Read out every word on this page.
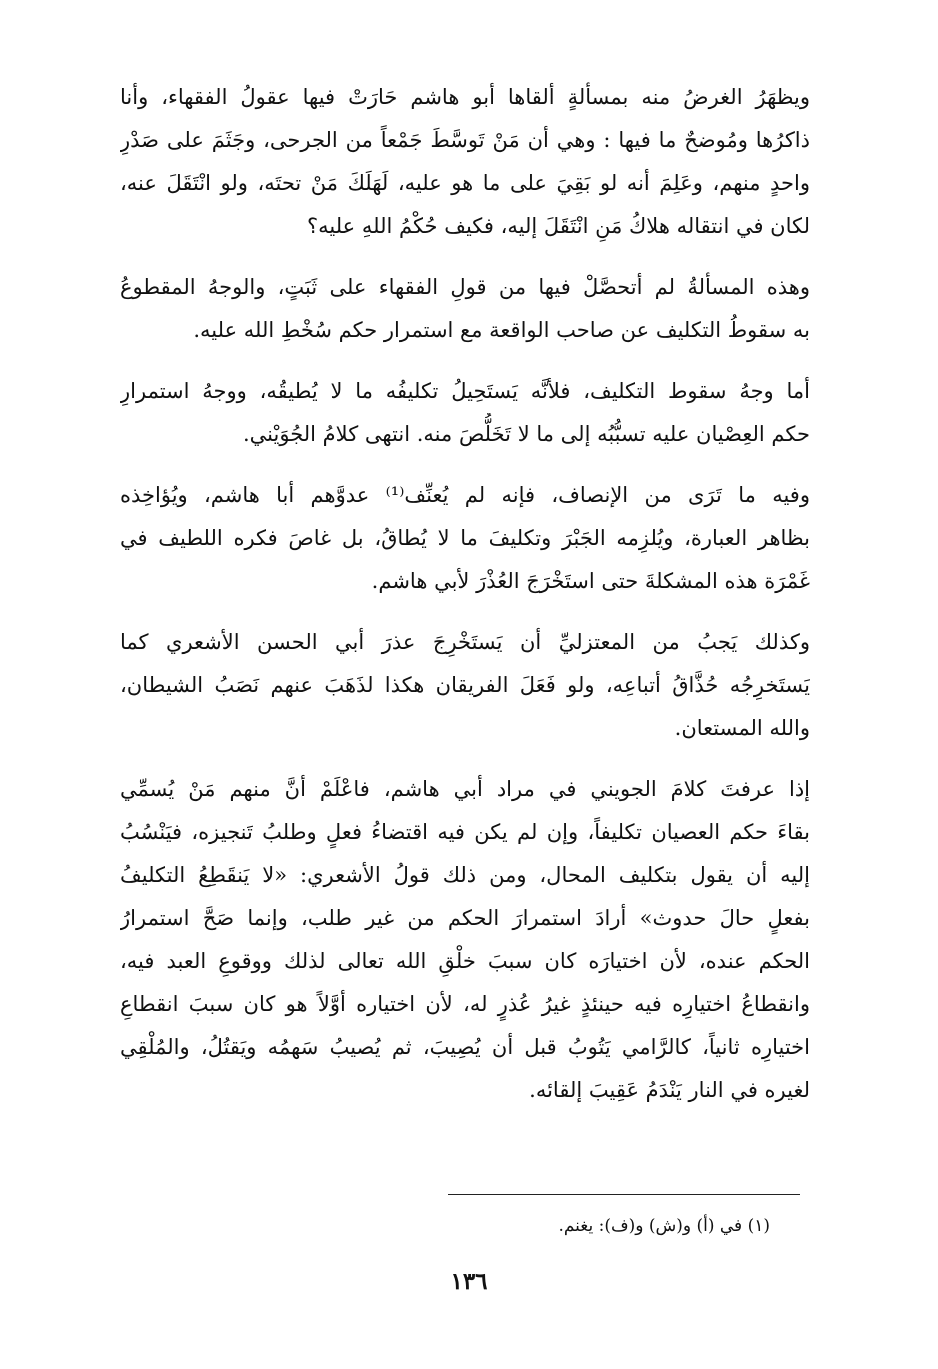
ويظهَرُ الغرضُ منه بمسألةٍ ألقاها أبو هاشم حَارَتْ فيها عقولُ الفقهاء، وأنا
ذاكرُها ومُوضحٌ ما فيها : وهي أن مَنْ تَوسَّطَ جَمْعاً من الجرحى، وجَثَمَ على صَدْرِ
واحدٍ منهم، وعَلِمَ أنه لو بَقِيَ على ما هو عليه، لَهَلَكَ مَنْ تحتَه، ولو انْتَقَلَ عنه،
لكان في انتقاله هلاكُ مَنِ انْتَقَلَ إليه، فكيف حُكْمُ اللهِ عليه؟

وهذه المسألةُ لم أتحصَّلْ فيها من قولِ الفقهاء على ثَبَتٍ، والوجهُ المقطوعُ
به سقوطُ التكليف عن صاحب الواقعة مع استمرار حكم سُخْطِ الله عليه.

أما وجهُ سقوط التكليف، فلأنَّه يَستَحِيلُ تكليفُه ما لا يُطيقُه، ووجهُ استمرارِ
حكم العِصْيان عليه تسبُّبُه إلى ما لا تَخَلُّصَ منه. انتهى كلامُ الجُوَيْني.

وفيه ما تَرَى من الإنصاف، فإنه لم يُعنِّف⁽¹⁾ عدوَّهم أبا هاشم، ويُؤاخِذه
بظاهر العبارة، ويُلزِمه الجَبْرَ وتكليفَ ما لا يُطاقُ، بل غاصَ فكره اللطيف في
غَمْرَة هذه المشكلةَ حتى استَخْرَجَ العُذْرَ لأبي هاشم.

وكذلك يَجبُ من المعتزليِّ أن يَستَخْرِجَ عذرَ أبي الحسن الأشعري كما
يَستَخرِجُه حُذَّاقُ أتباعِه، ولو فَعَلَ الفريقان هكذا لذَهَبَ عنهم نَصَبُ الشيطان،
والله المستعان.

إذا عرفتَ كلامَ الجويني في مراد أبي هاشم، فاعْلَمْ أنَّ منهم مَنْ يُسمِّي
بقاءَ حكم العصيان تكليفاً، وإن لم يكن فيه اقتضاءُ فعلٍ وطلبُ تَنجيزه، فيَنْسُبُ
إليه أن يقول بتكليف المحال، ومن ذلك قولُ الأشعري: «لا يَنقَطِعُ التكليفُ
بفعلٍ حالَ حدوث» أرادَ استمرارَ الحكم من غير طلب، وإنما صَحَّ استمرارُ
الحكم عنده، لأن اختيارَه كان سببَ خلْقِ الله تعالى لذلك ووقوعِ العبد فيه،
وانقطاعُ اختيارِه فيه حينئذٍ غيرُ عُذرٍ له، لأن اختياره أوَّلاً هو كان سببَ انقطاعِ
اختيارِه ثانياً، كالرَّامي يَتُوبُ قبل أن يُصِيبَ، ثم يُصيبُ سَهمُه ويَقتُلُ، والمُلْقِي
لغيره في النار يَنْدَمُ عَقِيبَ إلقائه.

(١) في (أ) و(ش) و(ف): يغنم.
١٣٦
